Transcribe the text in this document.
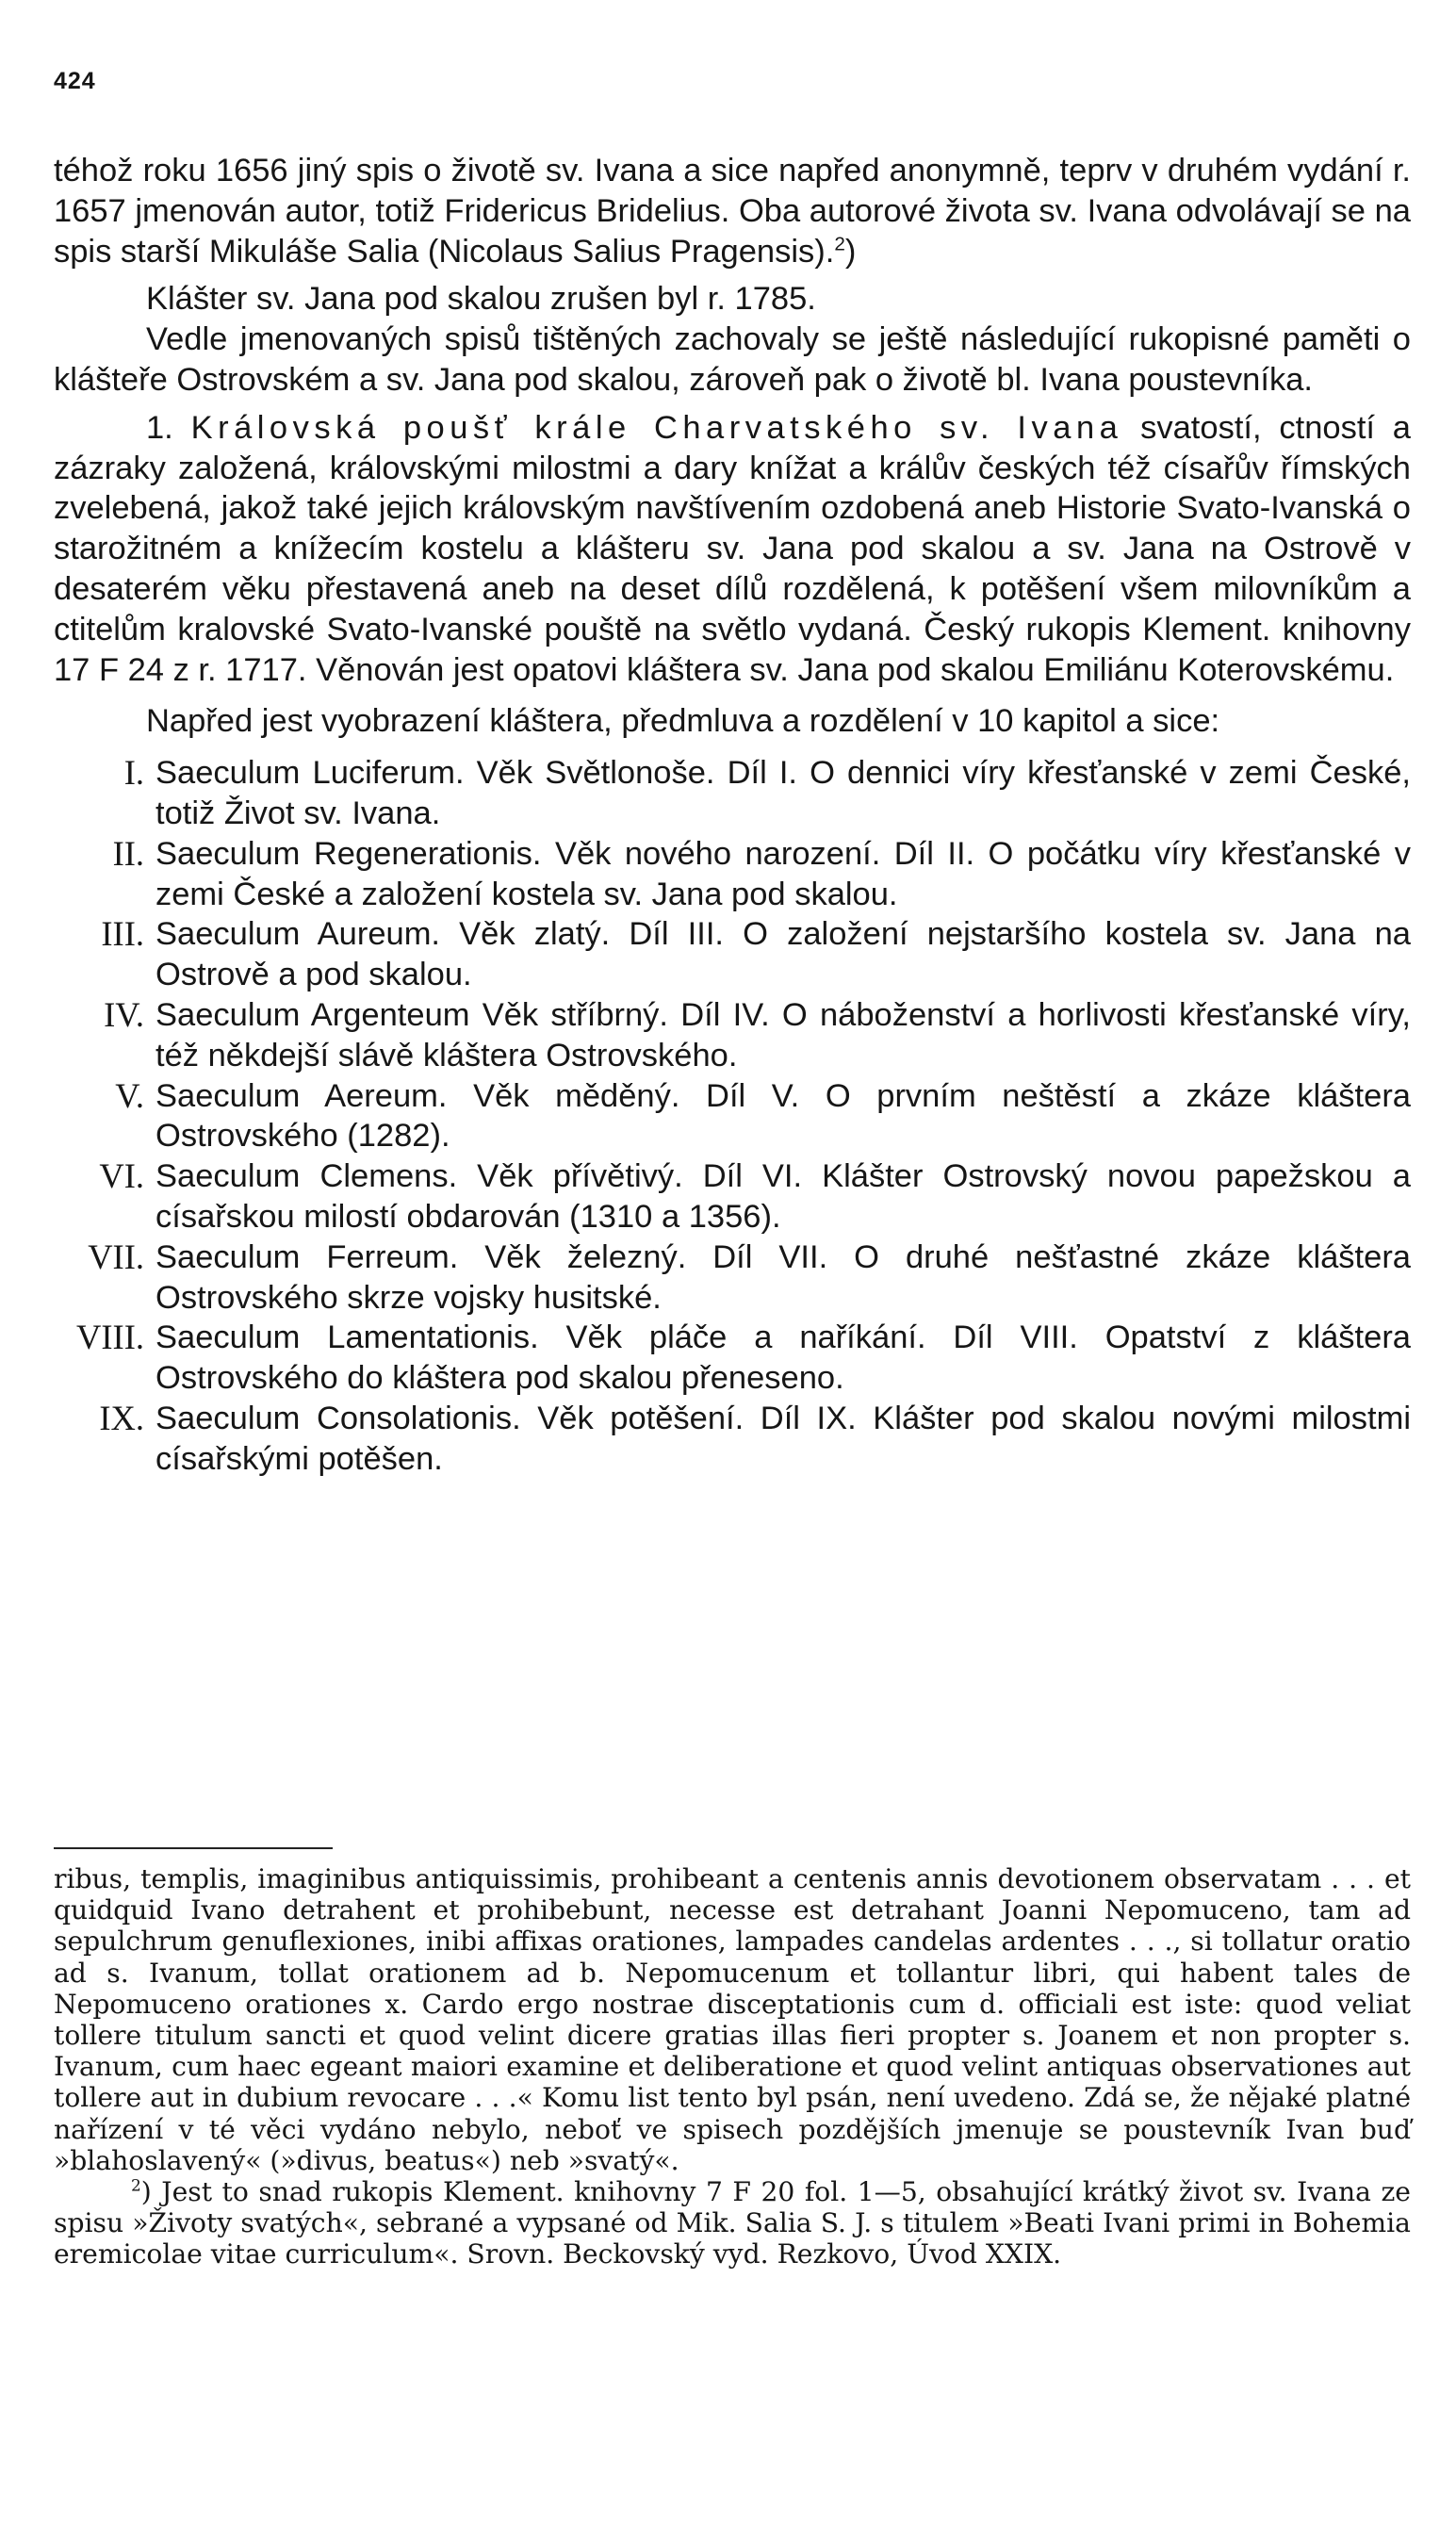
424

téhož roku 1656 jiný spis o životě sv. Ivana a sice napřed anonymně, teprv v druhém vydání r. 1657 jmenován autor, totiž Fridericus Bridelius. Oba autorové života sv. Ivana odvolávají se na spis starší Mikuláše Salia (Nicolaus Salius Pragensis).$^2$)

Klášter sv. Jana pod skalou zrušen byl r. 1785.

Vedle jmenovaných spisů tištěných zachovaly se ještě následující rukopisné paměti o klášteře Ostrovském a sv. Jana pod skalou, zároveň pak o životě bl. Ivana poustevníka.

1. Královská poušť krále Charvatského sv. Ivana svatostí, ctností a zázraky založená, královskými milostmi a dary knížat a králův českých též císařův římských zvelebená, jakož také jejich královským navštívením ozdobená aneb Historie Svato-Ivanská o starožitném a knížecím kostelu a klášteru sv. Jana pod skalou a sv. Jana na Ostrově v desaterém věku přestavená aneb na deset dílů rozdělená, k potěšení všem milovníkům a ctitelům kralovské Svato-Ivanské pouště na světlo vydaná. Český rukopis Klement. knihovny 17 F 24 z r. 1717. Věnován jest opatovi kláštera sv. Jana pod skalou Emiliánu Koterovskému.

Napřed jest vyobrazení kláštera, předmluva a rozdělení v 10 kapitol a sice:

I. Saeculum Luciferum. Věk Světlonoše. Díl I. O dennici víry křesťanské v zemi České, totiž Život sv. Ivana.
II. Saeculum Regenerationis. Věk nového narození. Díl II. O počátku víry křesťanské v zemi České a založení kostela sv. Jana pod skalou.
III. Saeculum Aureum. Věk zlatý. Díl III. O založení nejstaršího kostela sv. Jana na Ostrově a pod skalou.
IV. Saeculum Argenteum Věk stříbrný. Díl IV. O náboženství a horlivosti křesťanské víry, též někdejší slávě kláštera Ostrovského.
V. Saeculum Aereum. Věk měděný. Díl V. O prvním neštěstí a zkáze kláštera Ostrovského (1282).
VI. Saeculum Clemens. Věk přívětivý. Díl VI. Klášter Ostrovský novou papežskou a císařskou milostí obdarován (1310 a 1356).
VII. Saeculum Ferreum. Věk železný. Díl VII. O druhé nešťastné zkáze kláštera Ostrovského skrze vojsky husitské.
VIII. Saeculum Lamentationis. Věk pláče a naříkání. Díl VIII. Opatství z kláštera Ostrovského do kláštera pod skalou přeneseno.
IX. Saeculum Consolationis. Věk potěšení. Díl IX. Klášter pod skalou novými milostmi císařskými potěšen.

ribus, templis, imaginibus antiquissimis, prohibeant a centenis annis devotionem observatam . . . et quidquid Ivano detrahent et prohibebunt, necesse est detrahant Joanni Nepomuceno, tam ad sepulchrum genuflexiones, inibi affixas orationes, lampades candelas ardentes . . ., si tollatur oratio ad s. Ivanum, tollat orationem ad b. Nepomucenum et tollantur libri, qui habent tales de Nepomuceno orationes x. Cardo ergo nostrae disceptationis cum d. officiali est iste: quod veliat tollere titulum sancti et quod velint dicere gratias illas fieri propter s. Joanem et non propter s. Ivanum, cum haec egeant maiori examine et deliberatione et quod velint antiquas observationes aut tollere aut in dubium revocare . . .« Komu list tento byl psán, není uvedeno. Zdá se, že nějaké platné nařízení v té věci vydáno nebylo, neboť ve spisech pozdějších jmenuje se poustevník Ivan buď »blahoslavený« (»divus, beatus«) neb »svatý«.

$^2$) Jest to snad rukopis Klement. knihovny 7 F 20 fol. 1—5, obsahující krátký život sv. Ivana ze spisu »Životy svatých«, sebrané a vypsané od Mik. Salia S. J. s titulem »Beati Ivani primi in Bohemia eremicolae vitae curriculum«. Srovn. Beckovský vyd. Rezkovo, Úvod XXIX.
